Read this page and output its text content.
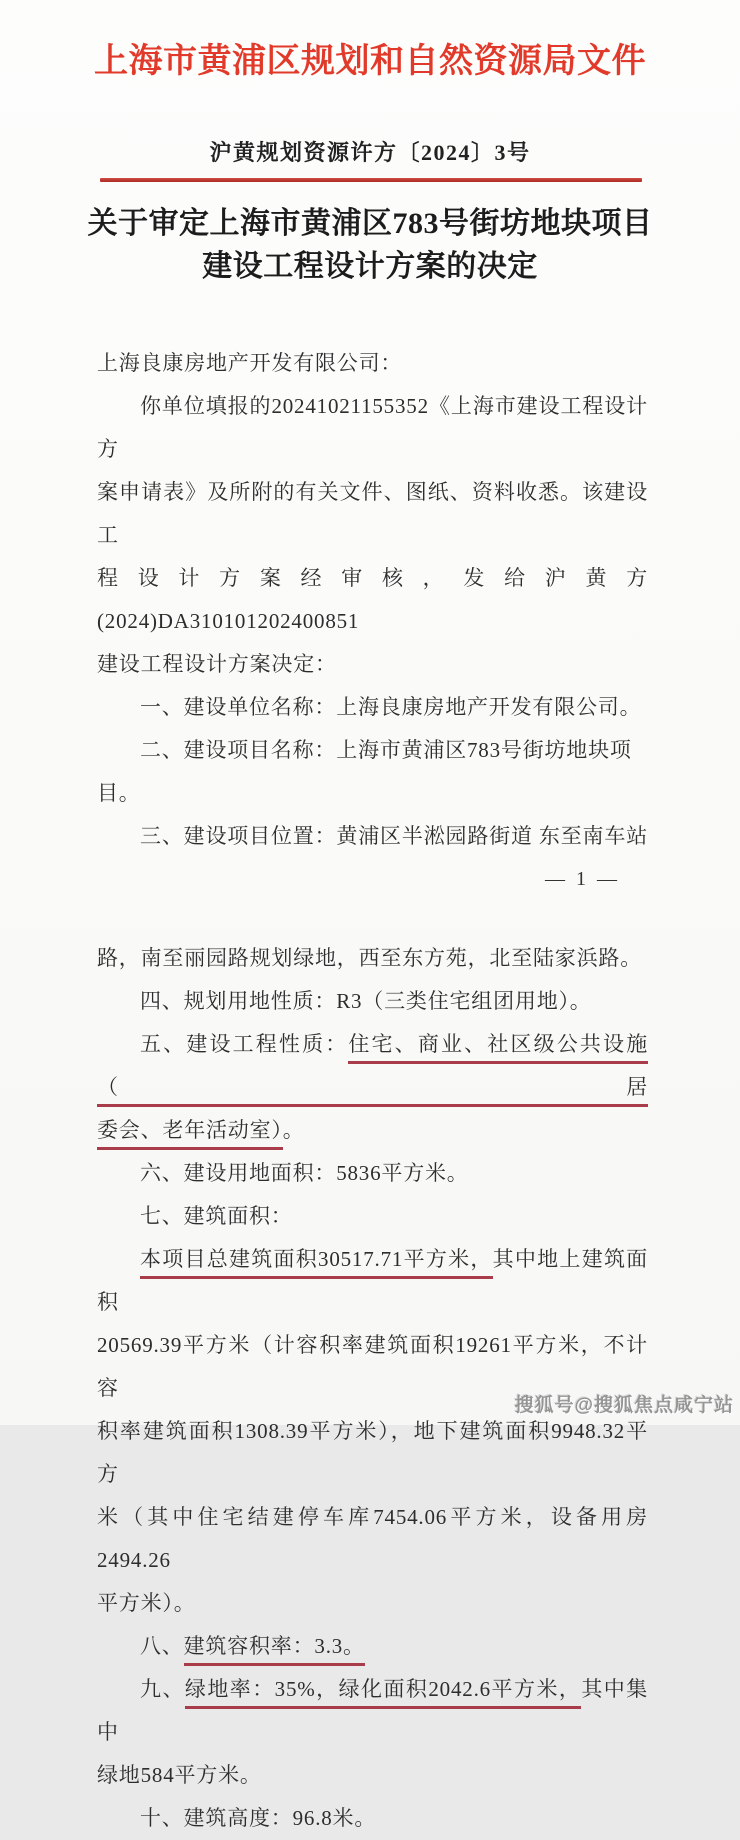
上海市黄浦区规划和自然资源局文件
沪黄规划资源许方〔2024〕3号
关于审定上海市黄浦区783号街坊地块项目
建设工程设计方案的决定

上海良康房地产开发有限公司：

你单位填报的20241021155352《上海市建设工程设计方

案申请表》及所附的有关文件、图纸、资料收悉。该建设工

程设计方案经审核，发给沪黄方(2024)DA310101202400851

建设工程设计方案决定：

一、建设单位名称：上海良康房地产开发有限公司。

二、建设项目名称：上海市黄浦区783号街坊地块项目。

三、建设项目位置：黄浦区半淞园路街道 东至南车站

— 1 —

路，南至丽园路规划绿地，西至东方苑，北至陆家浜路。

四、规划用地性质：R3（三类住宅组团用地）。

五、建设工程性质：住宅、商业、社区级公共设施（居

委会、老年活动室）。

六、建设用地面积：5836平方米。

七、建筑面积：

本项目总建筑面积30517.71平方米，其中地上建筑面积

20569.39平方米（计容积率建筑面积19261平方米，不计容

积率建筑面积1308.39平方米），地下建筑面积9948.32平方

米（其中住宅结建停车库7454.06平方米，设备用房2494.26

平方米）。

八、建筑容积率：3.3。

九、绿地率：35%，绿化面积2042.6平方米，其中集中

绿地584平方米。

十、建筑高度：96.8米。

搜狐号@搜狐焦点咸宁站
